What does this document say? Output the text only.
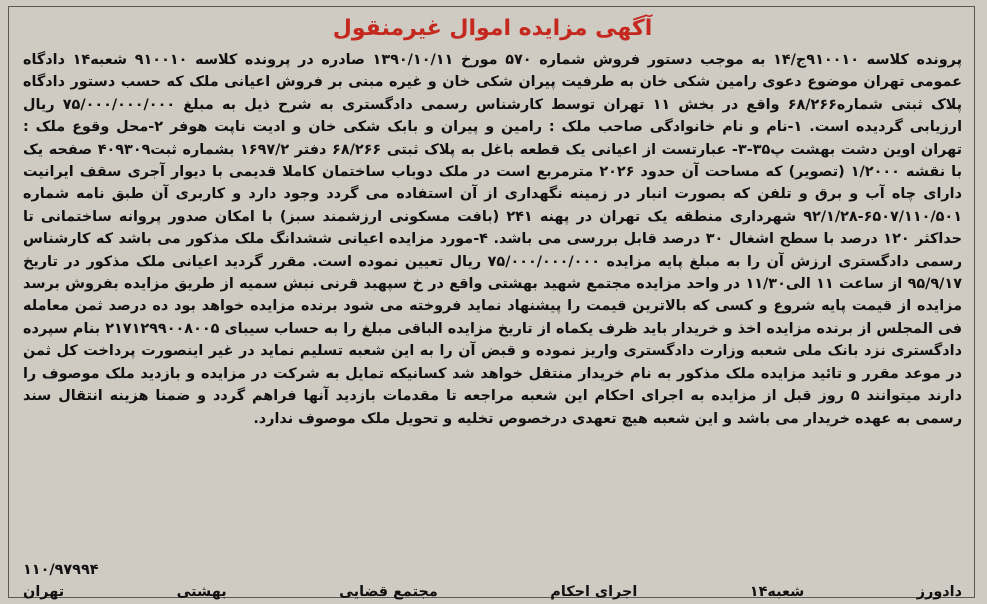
آگهی مزایده اموال غیرمنقول
پرونده کلاسه ۹۱۰۰۱۰ج/۱۴ به موجب دستور فروش شماره ۵۷۰ مورخ ۱۳۹۰/۱۰/۱۱ صادره در پرونده کلاسه ۹۱۰۰۱۰ شعبه۱۴ دادگاه عمومی تهران موضوع دعوی رامین شکی خان به طرفیت پیران شکی خان و غیره مبنی بر فروش اعیانی ملک که حسب دستور دادگاه پلاک ثبتی شماره۶۸/۲۶۶ واقع در بخش ۱۱ تهران توسط کارشناس رسمی دادگستری به شرح ذیل به مبلغ ۷۵/۰۰۰/۰۰۰/۰۰۰ ریال ارزیابی گردیده است. ۱-نام و نام خانوادگی صاحب ملک : رامین و پیران و بابک شکی خان و ادیت ناپت هوفر ۲-محل وقوع ملک : تهران اوین دشت بهشت پ۳۵-۳- عبارتست از اعیانی یک قطعه باغل به پلاک ثبتی ۶۸/۲۶۶ دفتر ۱۶۹۷/۲ بشماره ثبت۴۰۹۳۰۹ صفحه یک با نقشه ۱/۲۰۰۰ (تصویر) که مساحت آن حدود ۲۰۲۶ مترمربع است در ملک دوباب ساختمان کاملا قدیمی با دیوار آجری سقف ایرانیت دارای چاه آب و برق و تلفن که بصورت انبار در زمینه نگهداری از آن استفاده می گردد وجود دارد و کاربری آن طبق نامه شماره ۶۵۰۷/۱۱۰/۵۰۱-۹۲/۱/۲۸ شهرداری منطقه یک تهران در پهنه ۲۴۱ (بافت مسکونی ارزشمند سبز) با امکان صدور پروانه ساختمانی تا حداکثر ۱۲۰ درصد با سطح اشغال ۳۰ درصد قابل بررسی می باشد. ۴-مورد مزایده اعیانی ششدانگ ملک مذکور می باشد که کارشناس رسمی دادگستری ارزش آن را به مبلغ پایه مزایده ۷۵/۰۰۰/۰۰۰/۰۰۰ ریال تعیین نموده است. مقرر گردید اعیانی ملک مذکور در تاریخ ۹۵/۹/۱۷ از ساعت ۱۱ الی۱۱/۳۰ در واحد مزایده مجتمع شهید بهشتی واقع در خ سپهبد قرنی نبش سمیه از طریق مزایده بفروش برسد مزایده از قیمت پایه شروع و کسی که بالاترین قیمت را پیشنهاد نماید فروخته می شود برنده مزایده خواهد بود ده درصد ثمن معامله فی المجلس از برنده مزایده اخذ و خریدار باید ظرف یکماه از تاریخ مزایده الباقی مبلغ را به حساب سیبای ۲۱۷۱۲۹۹۰۰۸۰۰۵ بنام سپرده دادگستری نزد بانک ملی شعبه وزارت دادگستری واریز نموده و قبض آن را به این شعبه تسلیم نماید در غیر اینصورت پرداخت کل ثمن در موعد مقرر و تائید مزایده ملک مذکور به نام خریدار منتقل خواهد شد کسانیکه تمایل به شرکت در مزایده و بازدید ملک موصوف را دارند میتوانند ۵ روز قبل از مزایده به اجرای احکام این شعبه مراجعه تا مقدمات بازدید آنها فراهم گردد و ضمنا هزینه انتقال سند رسمی به عهده خریدار می باشد و این شعبه هیچ تعهدی درخصوص تخلیه و تحویل ملک موصوف ندارد.
۱۱۰/۹۷۹۹۴
دادورز
شعبه۱۴
اجرای احکام
مجتمع قضایی
بهشتی
تهران
